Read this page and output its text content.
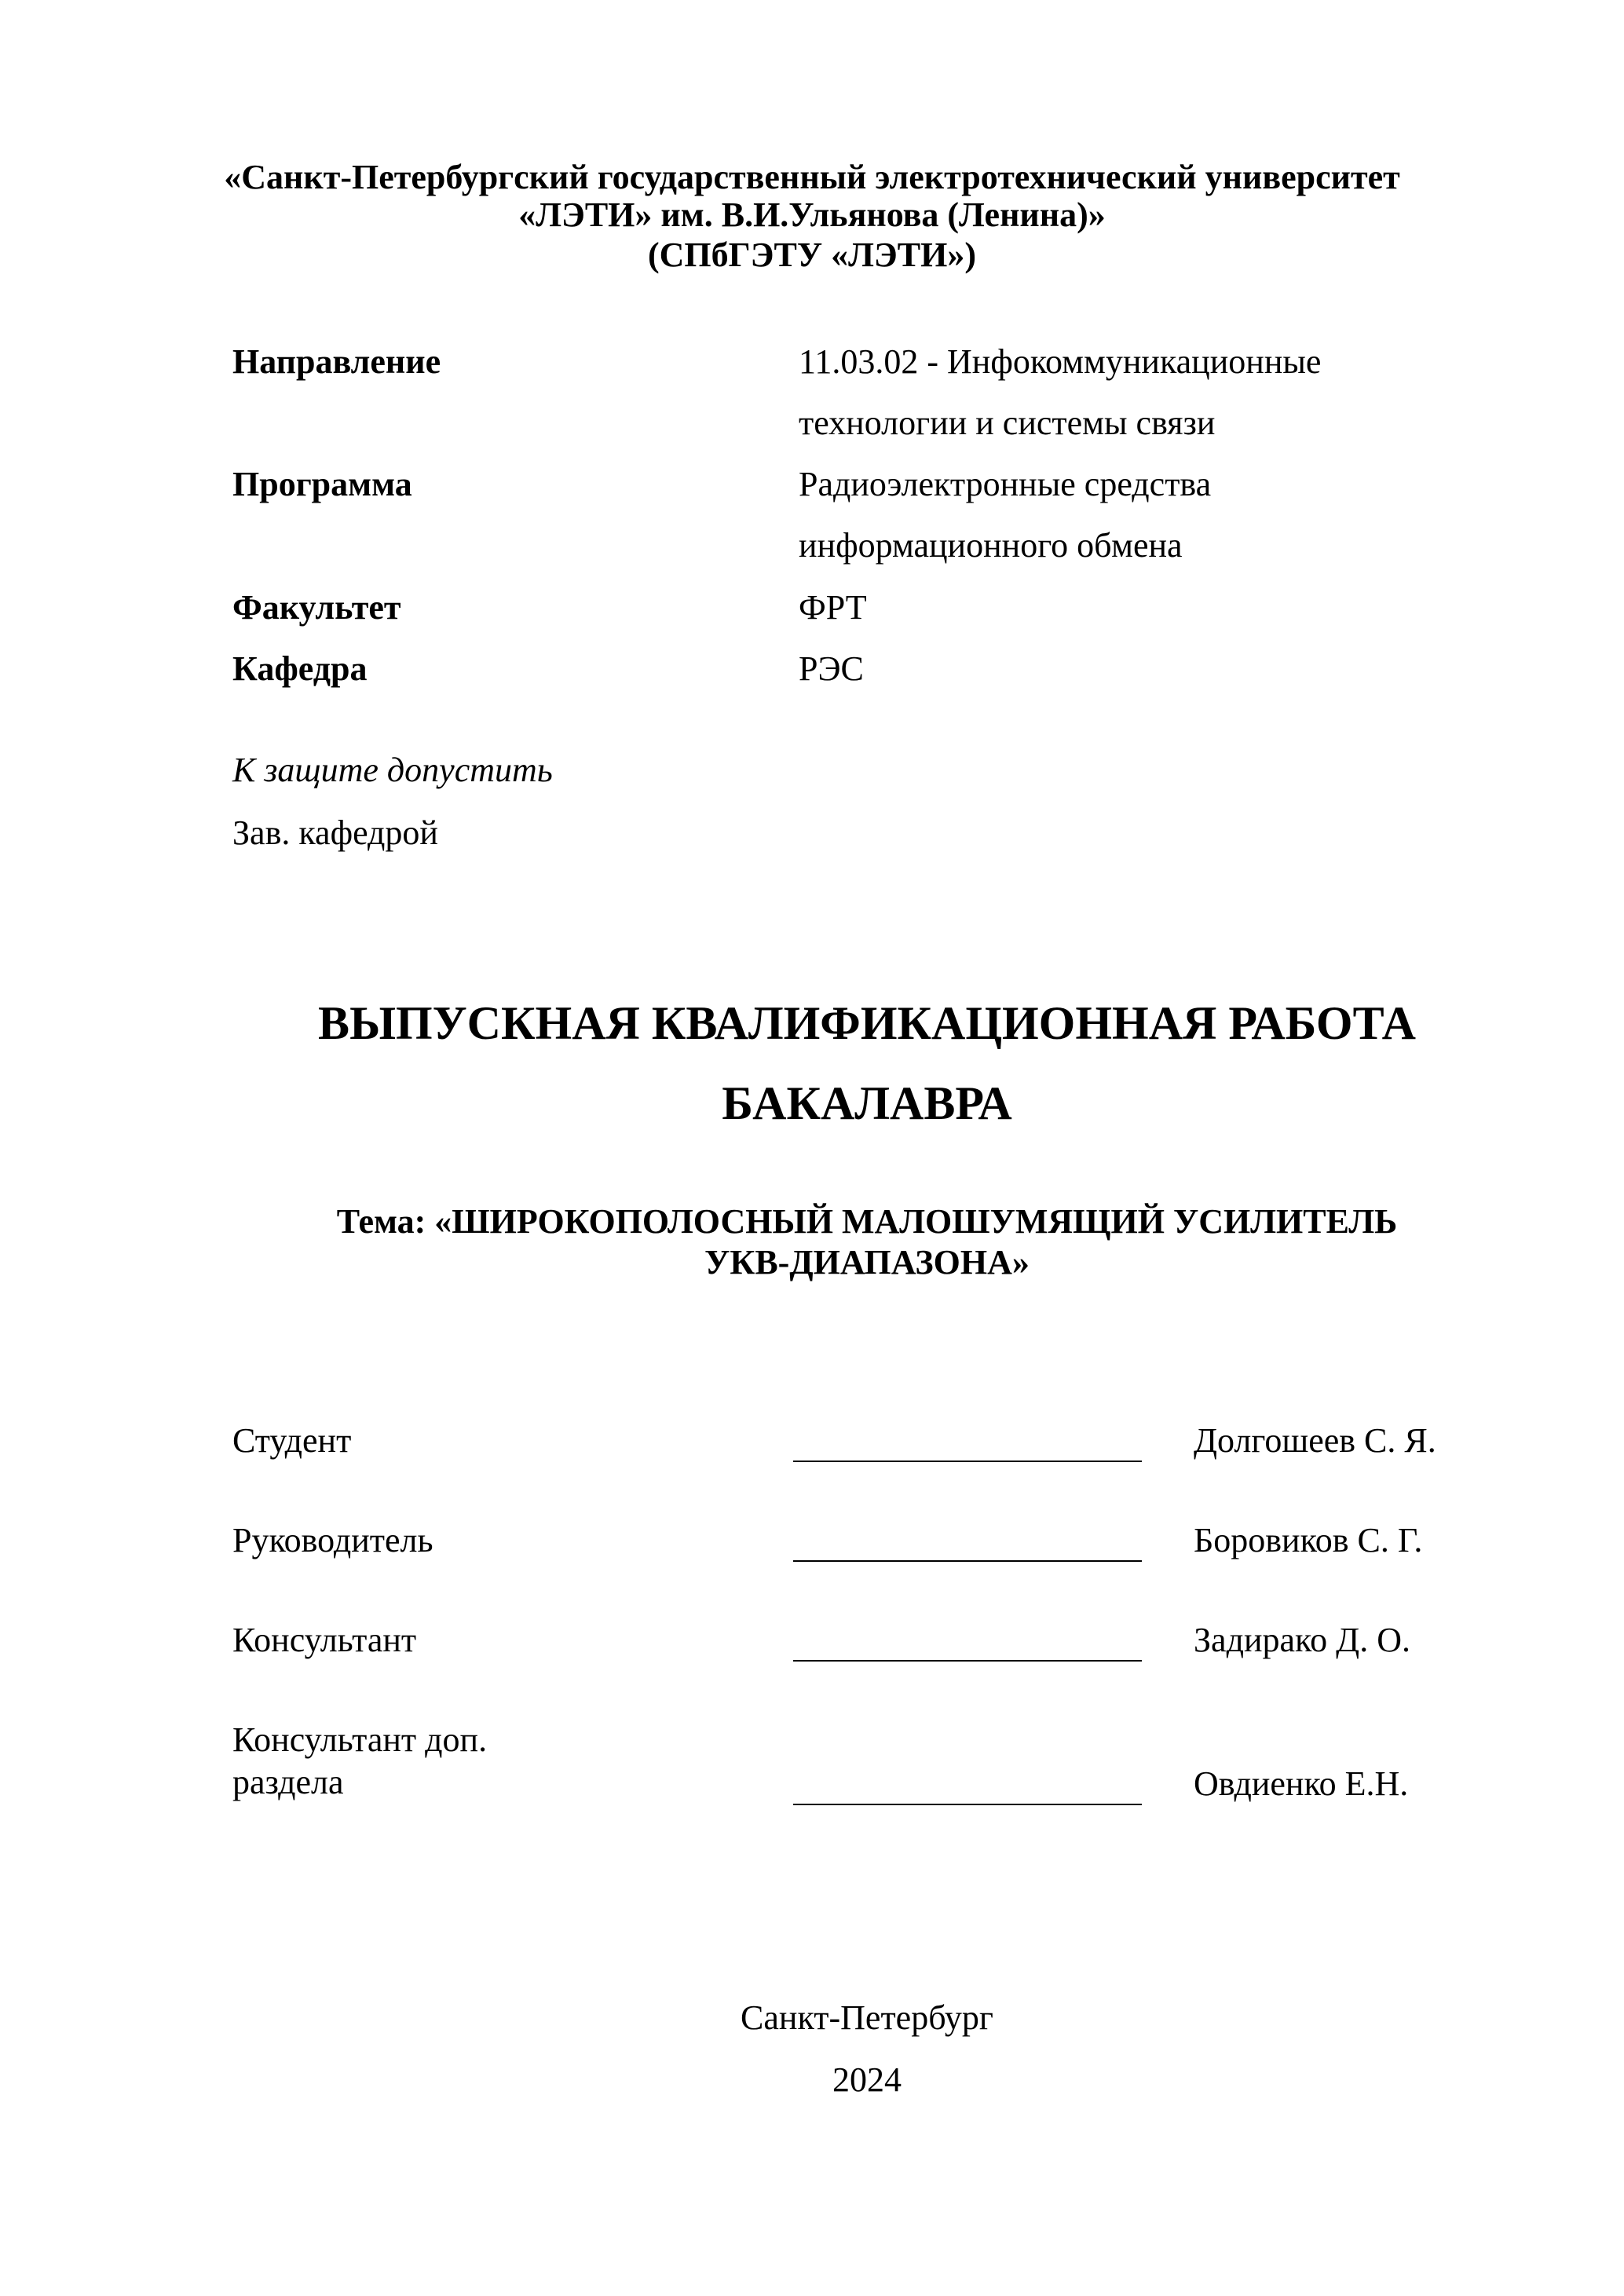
«Санкт-Петербургский государственный электротехнический университет
«ЛЭТИ» им. В.И.Ульянова (Ленина)»
(СПбГЭТУ «ЛЭТИ»)
Направление	11.03.02 - Инфокоммуникационные
технологии и системы связи
Программа	Радиоэлектронные средства
информационного обмена
Факультет	ФРТ
Кафедра	РЭС
К защите допустить
Зав. кафедрой
ВЫПУСКНАЯ КВАЛИФИКАЦИОННАЯ РАБОТА
БАКАЛАВРА
Тема: «ШИРОКОПОЛОСНЫЙ МАЛОШУМЯЩИЙ УСИЛИТЕЛЬ
УКВ-ДИАПАЗОНА»
Студент	Долгошеев С. Я.
Руководитель	Боровиков С. Г.
Консультант	Задирако Д. О.
Консультант доп.
раздела	Овдиенко Е.Н.
Санкт-Петербург
2024
